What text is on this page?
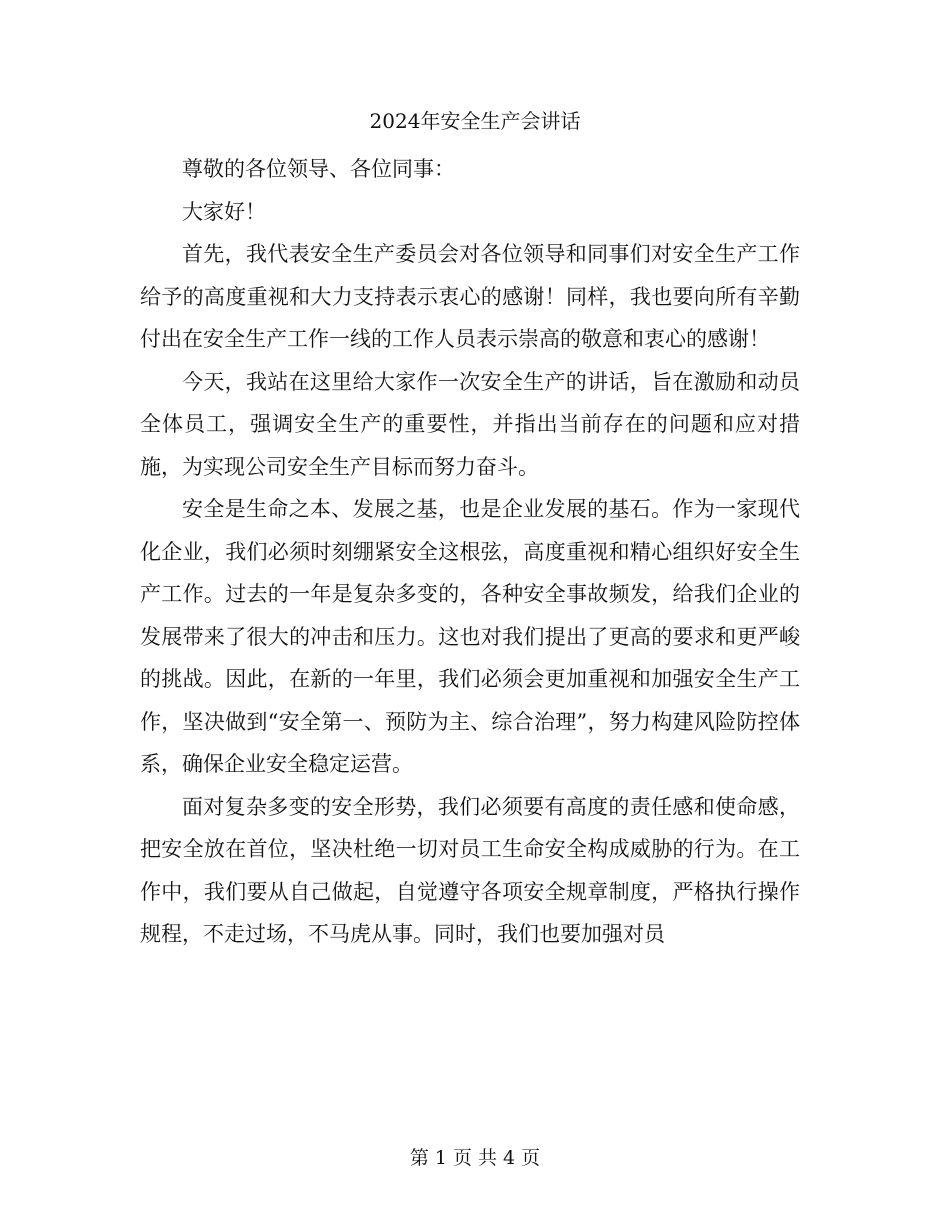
2024年安全生产会讲话

尊敬的各位领导、各位同事：

大家好！

首先，我代表安全生产委员会对各位领导和同事们对安全生产工作给予的高度重视和大力支持表示衷心的感谢！同样，我也要向所有辛勤付出在安全生产工作一线的工作人员表示崇高的敬意和衷心的感谢！

今天，我站在这里给大家作一次安全生产的讲话，旨在激励和动员全体员工，强调安全生产的重要性，并指出当前存在的问题和应对措施，为实现公司安全生产目标而努力奋斗。

安全是生命之本、发展之基，也是企业发展的基石。作为一家现代化企业，我们必须时刻绷紧安全这根弦，高度重视和精心组织好安全生产工作。过去的一年是复杂多变的，各种安全事故频发，给我们企业的发展带来了很大的冲击和压力。这也对我们提出了更高的要求和更严峻的挑战。因此，在新的一年里，我们必须会更加重视和加强安全生产工作，坚决做到“安全第一、预防为主、综合治理”，努力构建风险防控体系，确保企业安全稳定运营。

面对复杂多变的安全形势，我们必须要有高度的责任感和使命感，把安全放在首位，坚决杜绝一切对员工生命安全构成威胁的行为。在工作中，我们要从自己做起，自觉遵守各项安全规章制度，严格执行操作规程，不走过场，不马虎从事。同时，我们也要加强对员

第 1 页 共 4 页
